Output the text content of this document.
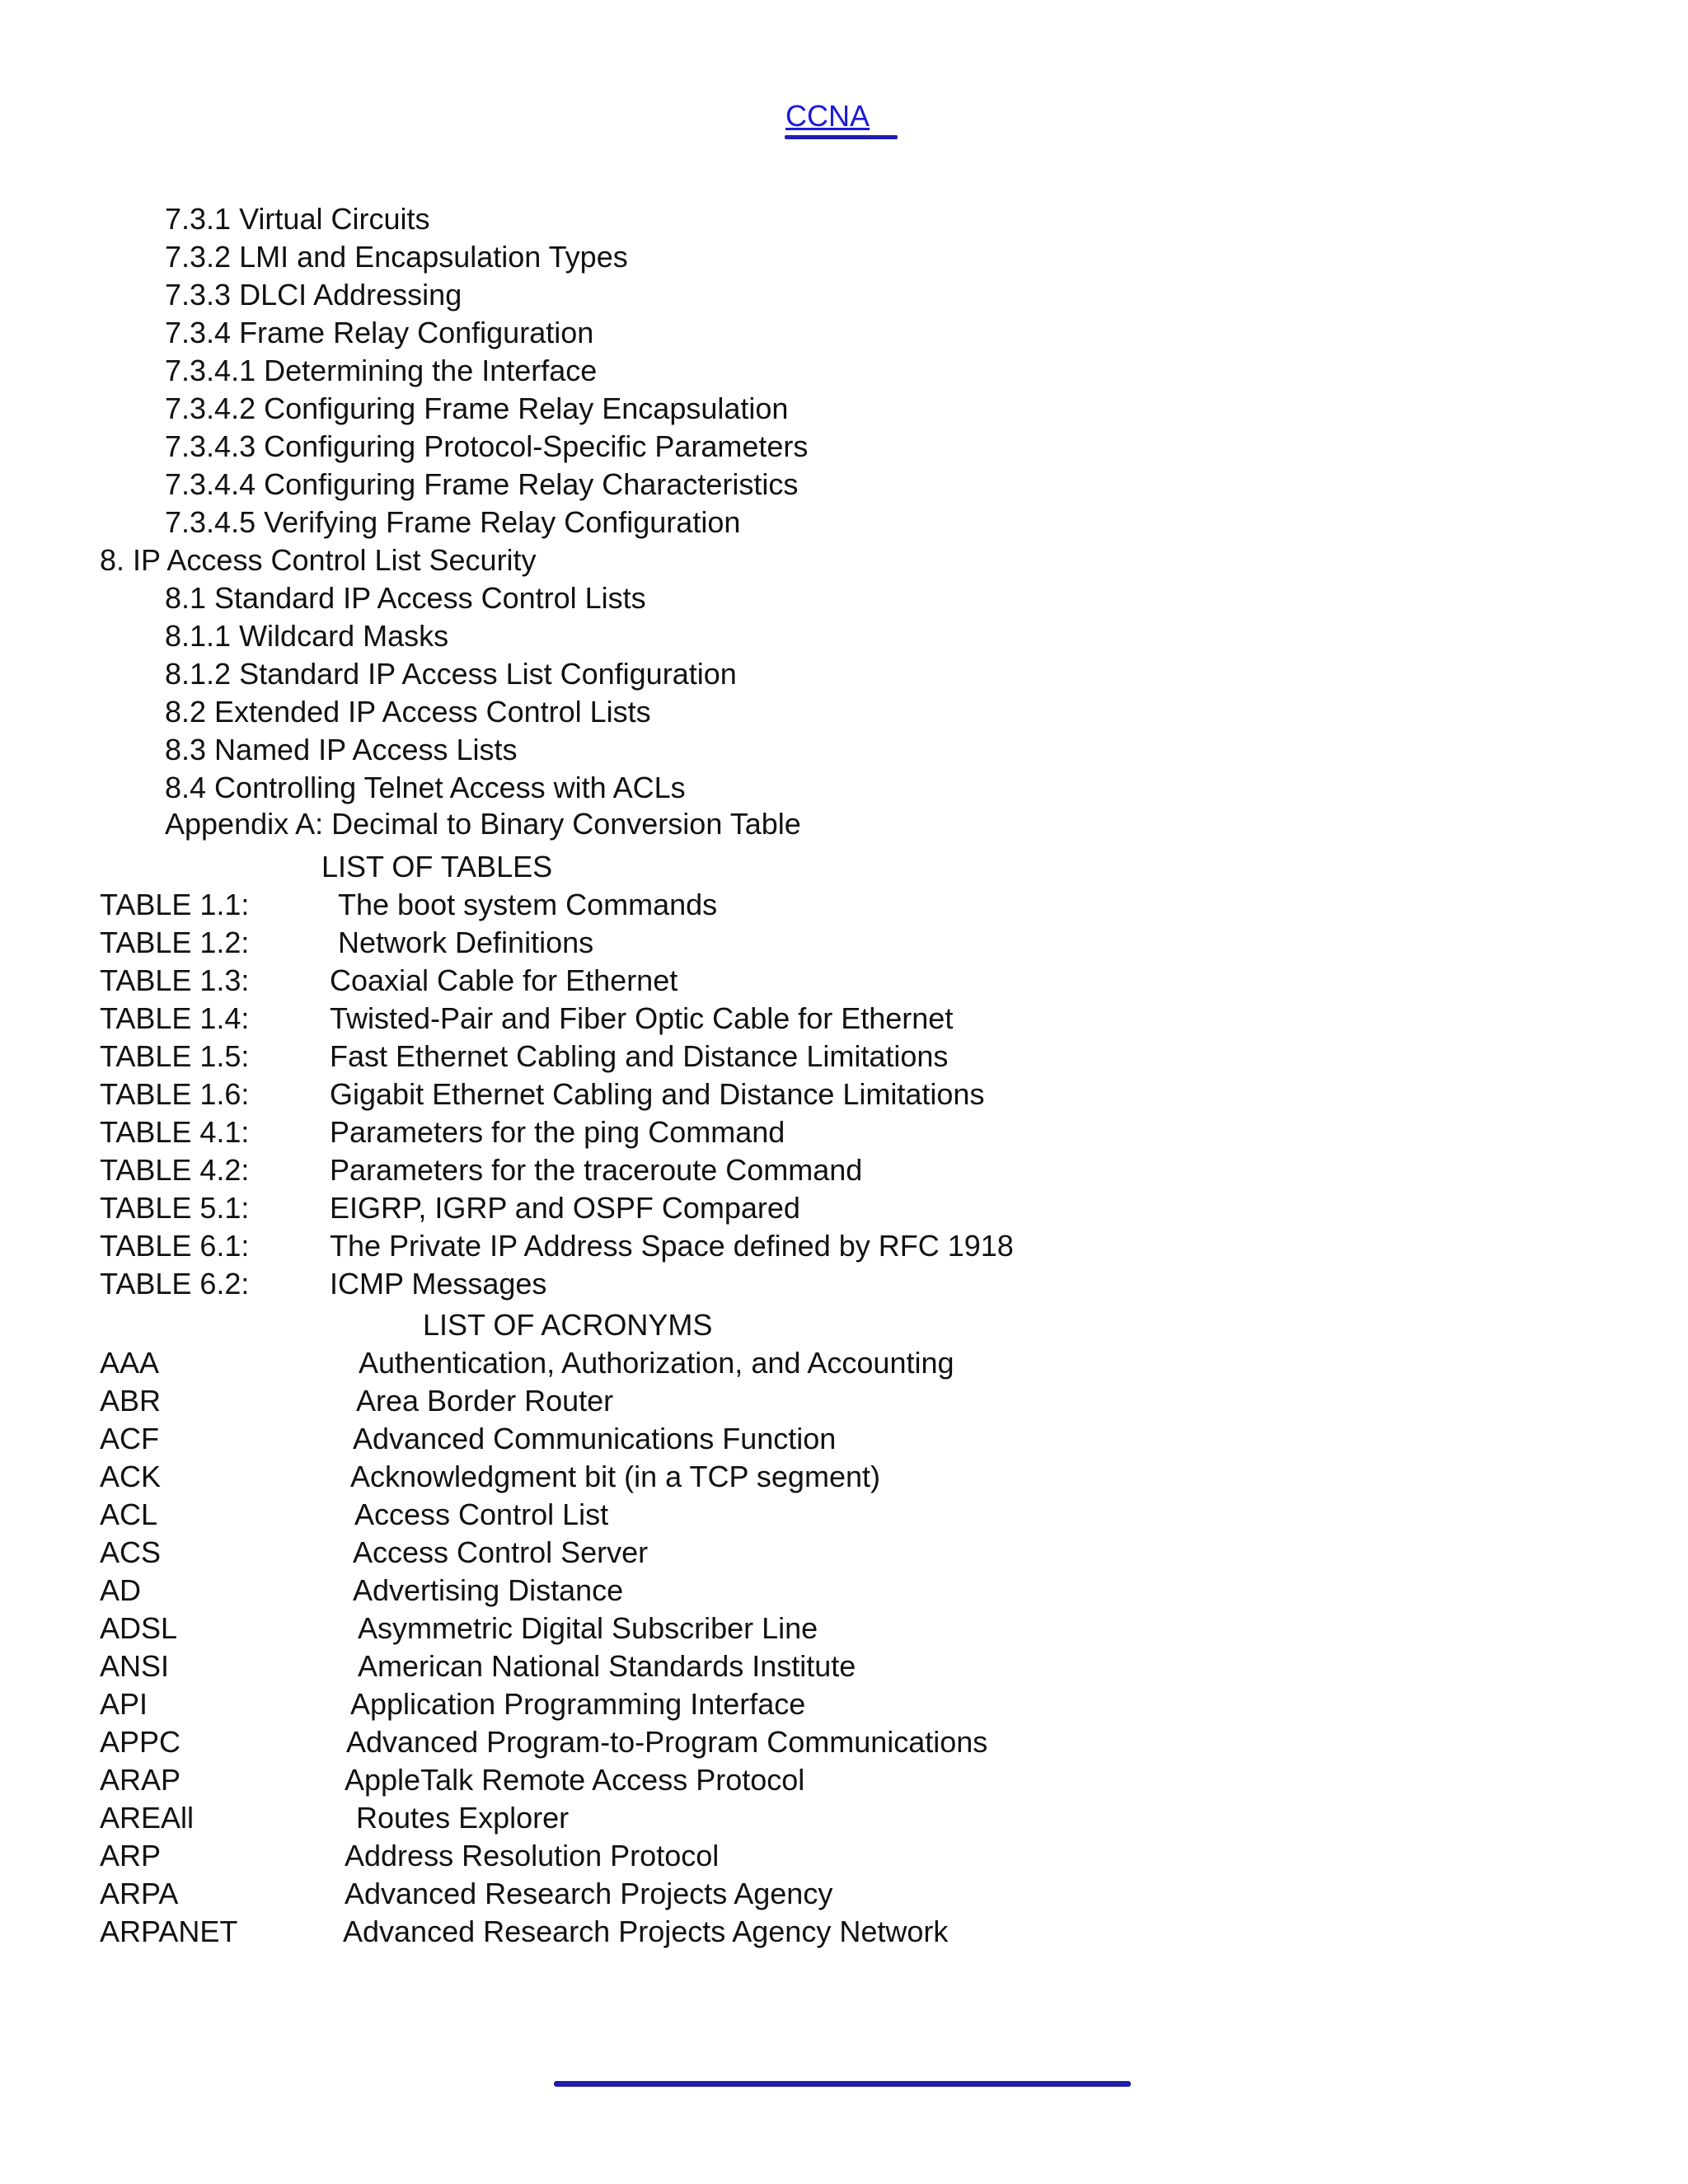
CCNA
7.3.1 Virtual Circuits
7.3.2 LMI and Encapsulation Types
7.3.3 DLCI Addressing
7.3.4 Frame Relay Configuration
7.3.4.1 Determining the Interface
7.3.4.2 Configuring Frame Relay Encapsulation
7.3.4.3 Configuring Protocol-Specific Parameters
7.3.4.4 Configuring Frame Relay Characteristics
7.3.4.5 Verifying Frame Relay Configuration
8. IP Access Control List Security
8.1 Standard IP Access Control Lists
8.1.1 Wildcard Masks
8.1.2 Standard IP Access List Configuration
8.2 Extended IP Access Control Lists
8.3 Named IP Access Lists
8.4 Controlling Telnet Access with ACLs
Appendix A: Decimal to Binary Conversion Table
LIST OF TABLES
TABLE 1.1:	The boot system Commands
TABLE 1.2:	Network Definitions
TABLE 1.3:	Coaxial Cable for Ethernet
TABLE 1.4:	Twisted-Pair and Fiber Optic Cable for Ethernet
TABLE 1.5:	Fast Ethernet Cabling and Distance Limitations
TABLE 1.6:	Gigabit Ethernet Cabling and Distance Limitations
TABLE 4.1:	Parameters for the ping Command
TABLE 4.2:	Parameters for the traceroute Command
TABLE 5.1:	EIGRP, IGRP and OSPF Compared
TABLE 6.1:	The Private IP Address Space defined by RFC 1918
TABLE 6.2:	ICMP Messages
LIST OF ACRONYMS
AAA	Authentication, Authorization, and Accounting
ABR	Area Border Router
ACF	Advanced Communications Function
ACK	Acknowledgment bit (in a TCP segment)
ACL	Access Control List
ACS	Access Control Server
AD	Advertising Distance
ADSL	Asymmetric Digital Subscriber Line
ANSI	American National Standards Institute
API	Application Programming Interface
APPC	Advanced Program-to-Program Communications
ARAP	AppleTalk Remote Access Protocol
AREAll	Routes Explorer
ARP	Address Resolution Protocol
ARPA	Advanced Research Projects Agency
ARPANET	Advanced Research Projects Agency Network
